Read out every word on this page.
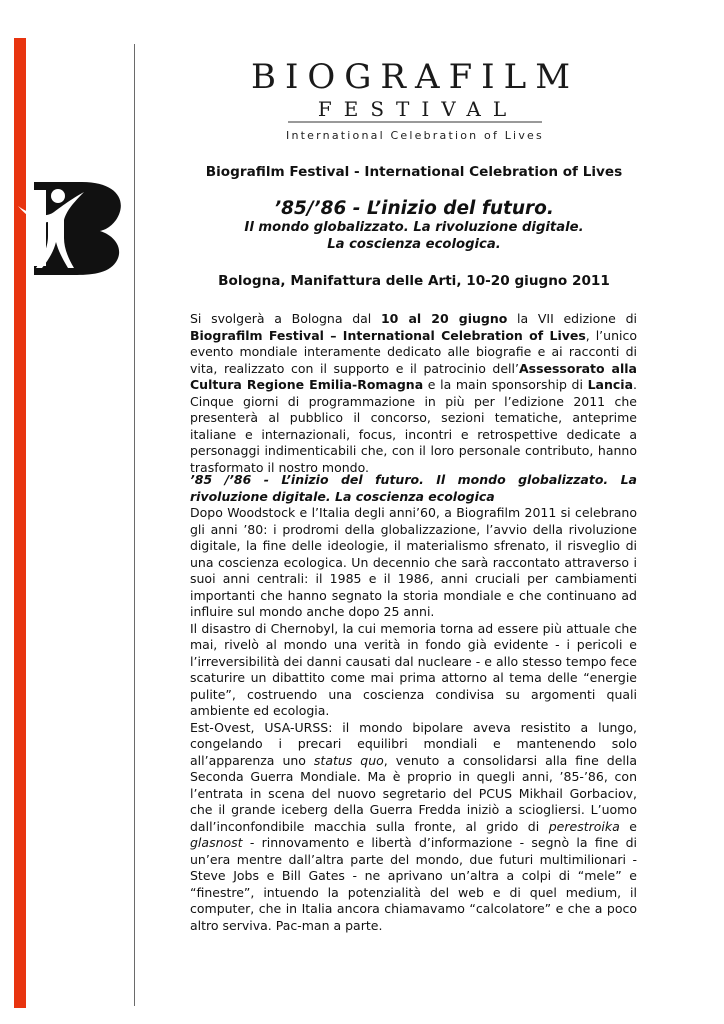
BIOGRAFILM
FESTIVAL
International Celebration of Lives
Biografilm Festival - International Celebration of Lives
’85/’86 - L’inizio del futuro.
Il mondo globalizzato. La rivoluzione digitale.
La coscienza ecologica.
Bologna, Manifattura delle Arti, 10-20 giugno 2011
Si svolgerà a Bologna dal 10 al 20 giugno la VII edizione di Biografilm Festival – International Celebration of Lives, l’unico evento mondiale interamente dedicato alle biografie e ai racconti di vita, realizzato con il supporto e il patrocinio dell’Assessorato alla Cultura Regione Emilia-Romagna e la main sponsorship di Lancia. Cinque giorni di programmazione in più per l’edizione 2011 che presenterà al pubblico il concorso, sezioni tematiche, anteprime italiane e internazionali, focus, incontri e retrospettive dedicate a personaggi indimenticabili che, con il loro personale contributo, hanno trasformato il nostro mondo.

’85 /’86 - L’inizio del futuro. Il mondo globalizzato. La rivoluzione digitale. La coscienza ecologica

Dopo Woodstock e l’Italia degli anni’60, a Biografilm 2011 si celebrano gli anni ’80: i prodromi della globalizzazione, l’avvio della rivoluzione digitale, la fine delle ideologie, il materialismo sfrenato, il risveglio di una coscienza ecologica. Un decennio che sarà raccontato attraverso i suoi anni centrali: il 1985 e il 1986, anni cruciali per cambiamenti importanti che hanno segnato la storia mondiale e che continuano ad influire sul mondo anche dopo 25 anni.

Il disastro di Chernobyl, la cui memoria torna ad essere più attuale che mai, rivelò al mondo una verità in fondo già evidente - i pericoli e l’irreversibilità dei danni causati dal nucleare - e allo stesso tempo fece scaturire un dibattito come mai prima attorno al tema delle “energie pulite”, costruendo una coscienza condivisa su argomenti quali ambiente ed ecologia.

Est-Ovest, USA-URSS: il mondo bipolare aveva resistito a lungo, congelando i precari equilibri mondiali e mantenendo solo all’apparenza uno status quo, venuto a consolidarsi alla fine della Seconda Guerra Mondiale. Ma è proprio in quegli anni, ’85-’86, con l’entrata in scena del nuovo segretario del PCUS Mikhail Gorbaciov, che il grande iceberg della Guerra Fredda iniziò a sciogliersi. L’uomo dall’inconfondibile macchia sulla fronte, al grido di perestroika e glasnost - rinnovamento e libertà d’informazione - segnò la fine di un’era mentre dall’altra parte del mondo, due futuri multimilionari - Steve Jobs e Bill Gates - ne aprivano un’altra a colpi di “mele” e “finestre”, intuendo la potenzialità del web e di quel medium, il computer, che in Italia ancora chiamavamo “calcolatore” e che a poco altro serviva. Pac-man a parte.
